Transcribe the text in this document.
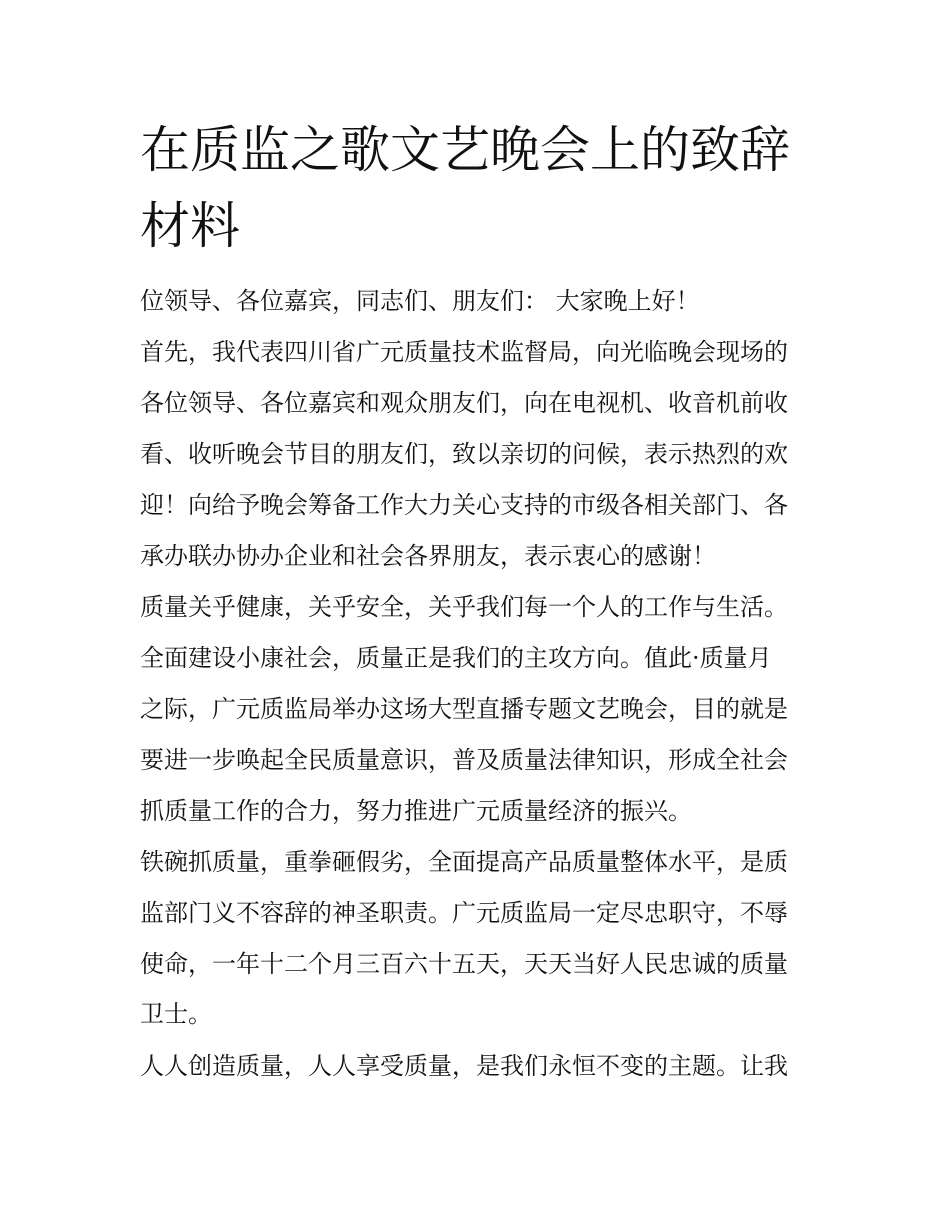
在质监之歌文艺晚会上的致辞
材料

位领导、各位嘉宾，同志们、朋友们： 大家晚上好！

首先，我代表四川省广元质量技术监督局，向光临晚会现场的

各位领导、各位嘉宾和观众朋友们，向在电视机、收音机前收

看、收听晚会节目的朋友们，致以亲切的问候，表示热烈的欢

迎！向给予晚会筹备工作大力关心支持的市级各相关部门、各

承办联办协办企业和社会各界朋友，表示衷心的感谢！

质量关乎健康，关乎安全，关乎我们每一个人的工作与生活。

全面建设小康社会，质量正是我们的主攻方向。值此·质量月

之际，广元质监局举办这场大型直播专题文艺晚会，目的就是

要进一步唤起全民质量意识，普及质量法律知识，形成全社会

抓质量工作的合力，努力推进广元质量经济的振兴。

铁碗抓质量，重拳砸假劣，全面提高产品质量整体水平，是质

监部门义不容辞的神圣职责。广元质监局一定尽忠职守，不辱

使命，一年十二个月三百六十五天，天天当好人民忠诚的质量

卫士。

人人创造质量，人人享受质量，是我们永恒不变的主题。让我
